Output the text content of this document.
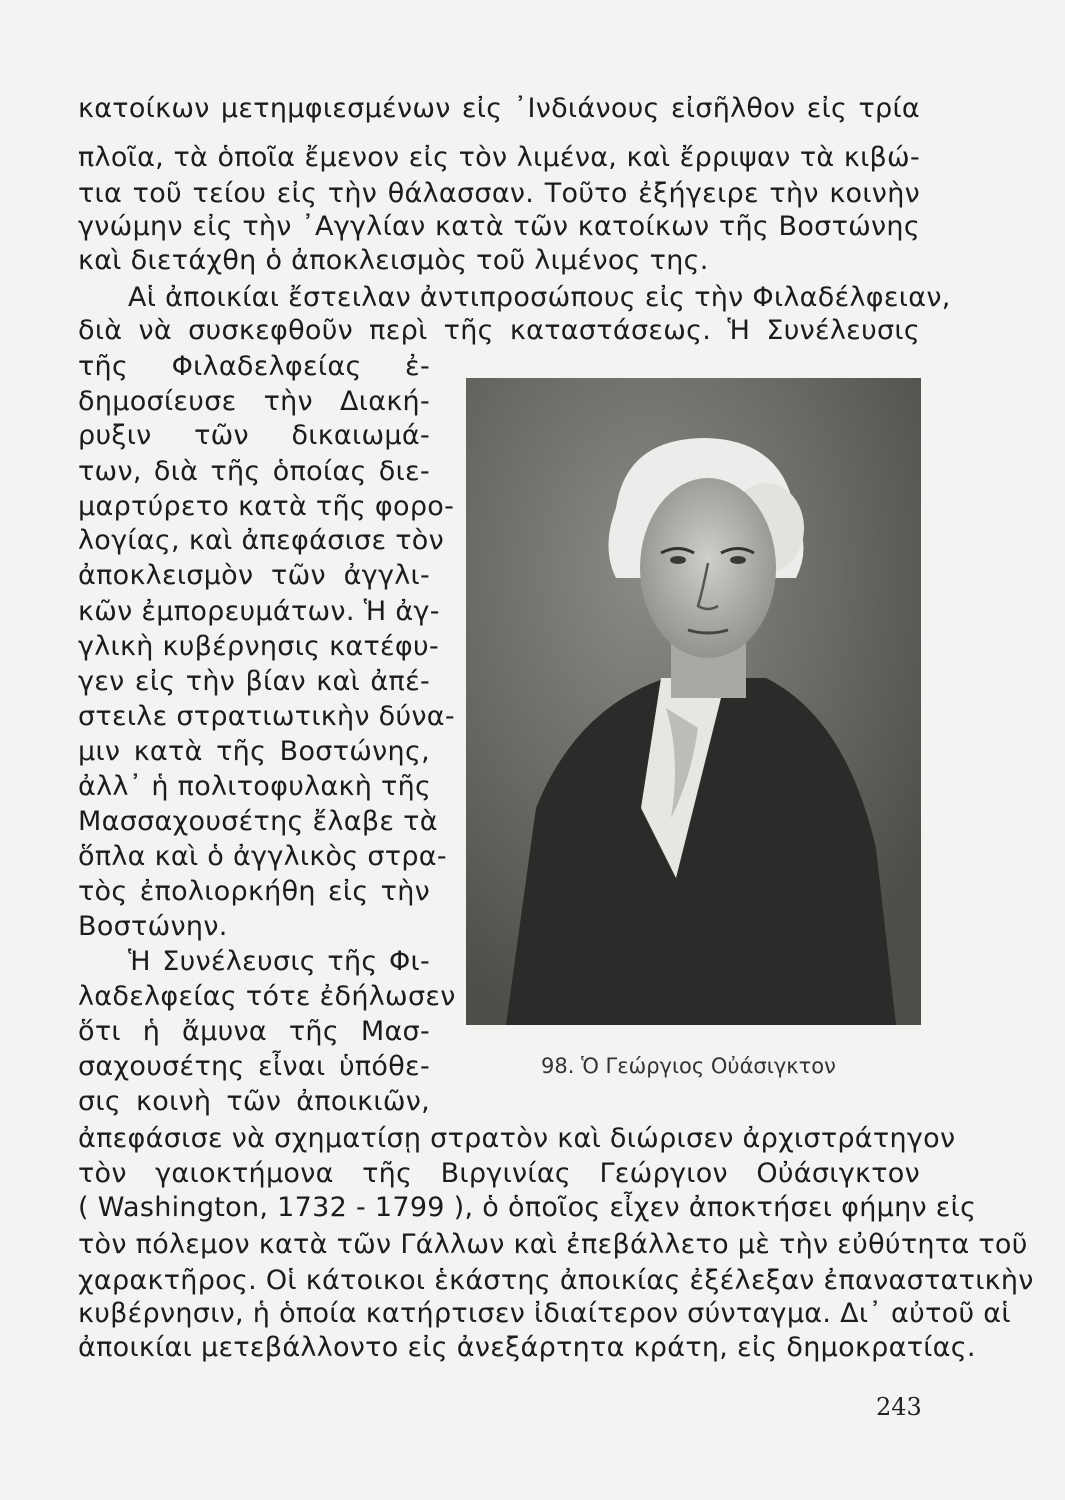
κατοίκων μετημφιεσμένων εἰς ᾿Ινδιάνους εἰσῆλθον εἰς τρία
πλοῖα, τὰ ὁποῖα ἔμενον εἰς τὸν λιμένα, καὶ ἔρριψαν τὰ κιβώ-
τια τοῦ τείου εἰς τὴν θάλασσαν. Τοῦτο ἐξήγειρε τὴν κοινὴν
γνώμην εἰς τὴν ᾿Αγγλίαν κατὰ τῶν κατοίκων τῆς Βοστώνης
καὶ διετάχθη ὁ ἀποκλεισμὸς τοῦ λιμένος της.
Αἱ ἀποικίαι ἔστειλαν ἀντιπροσώπους εἰς τὴν Φιλαδέλφειαν,
διὰ νὰ συσκεφθοῦν περὶ τῆς καταστάσεως. Ἡ Συνέλευσις
τῆς Φιλαδελφείας ἐ-
δημοσίευσε τὴν Διακή-
ρυξιν τῶν δικαιωμά-
των, διὰ τῆς ὁποίας διε-
μαρτύρετο κατὰ τῆς φορο-
λογίας, καὶ ἀπεφάσισε τὸν
ἀποκλεισμὸν τῶν ἀγγλι-
κῶν ἐμπορευμάτων. Ἡ ἀγ-
γλικὴ κυβέρνησις κατέφυ-
γεν εἰς τὴν βίαν καὶ ἀπέ-
στειλε στρατιωτικὴν δύνα-
μιν κατὰ τῆς Βοστώνης,
ἀλλ᾿ ἡ πολιτοφυλακὴ τῆς
Μασσαχουσέτης ἔλαβε τὰ
ὅπλα καὶ ὁ ἀγγλικὸς στρα-
τὸς ἐπολιορκήθη εἰς τὴν
Βοστώνην.
Ἡ Συνέλευσις τῆς Φι-
λαδελφείας τότε ἐδήλωσεν
ὅτι ἡ ἄμυνα τῆς Μασ-
σαχουσέτης εἶναι ὑπόθε-
σις κοινὴ τῶν ἀποικιῶν,
ἀπεφάσισε νὰ σχηματίσῃ στρατὸν καὶ διώρισεν ἀρχιστράτηγον
τὸν γαιοκτήμονα τῆς Βιργινίας Γεώργιον Οὐάσιγκτον
( Washington, 1732 - 1799 ), ὁ ὁποῖος εἶχεν ἀποκτήσει φήμην εἰς
τὸν πόλεμον κατὰ τῶν Γάλλων καὶ ἐπεβάλλετο μὲ τὴν εὐθύτητα τοῦ
χαρακτῆρος. Οἱ κάτοικοι ἑκάστης ἀποικίας ἐξέλεξαν ἐπαναστατικὴν
κυβέρνησιν, ἡ ὁποία κατήρτισεν ἰδιαίτερον σύνταγμα. Δι᾿ αὐτοῦ αἱ
ἀποικίαι μετεβάλλοντο εἰς ἀνεξάρτητα κράτη, εἰς δημοκρατίας.
98. Ὁ Γεώργιος Οὐάσιγκτον
243
